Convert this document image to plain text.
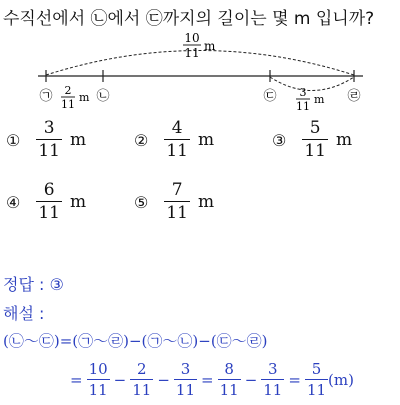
수직선에서 ㉡에서 ㉢까지의 길이는 몇 m 입니까?
10
11 m
㉠	㉡	㉢	㉣
2
11
m	3
11
m
① $\frac{3}{11}$ m	② $\frac{4}{11}$ m	③ $\frac{5}{11}$ m
④ $\frac{6}{11}$ m	⑤ $\frac{7}{11}$ m
정답 : ③
해설 :
(㉡～㉢)=(㉠～㉣)−(㉠～㉡)−(㉢～㉣)
= $\frac{10}{11} - \frac{2}{11} - \frac{3}{11} = \frac{8}{11} - \frac{3}{11} = \frac{5}{11} (m)$
